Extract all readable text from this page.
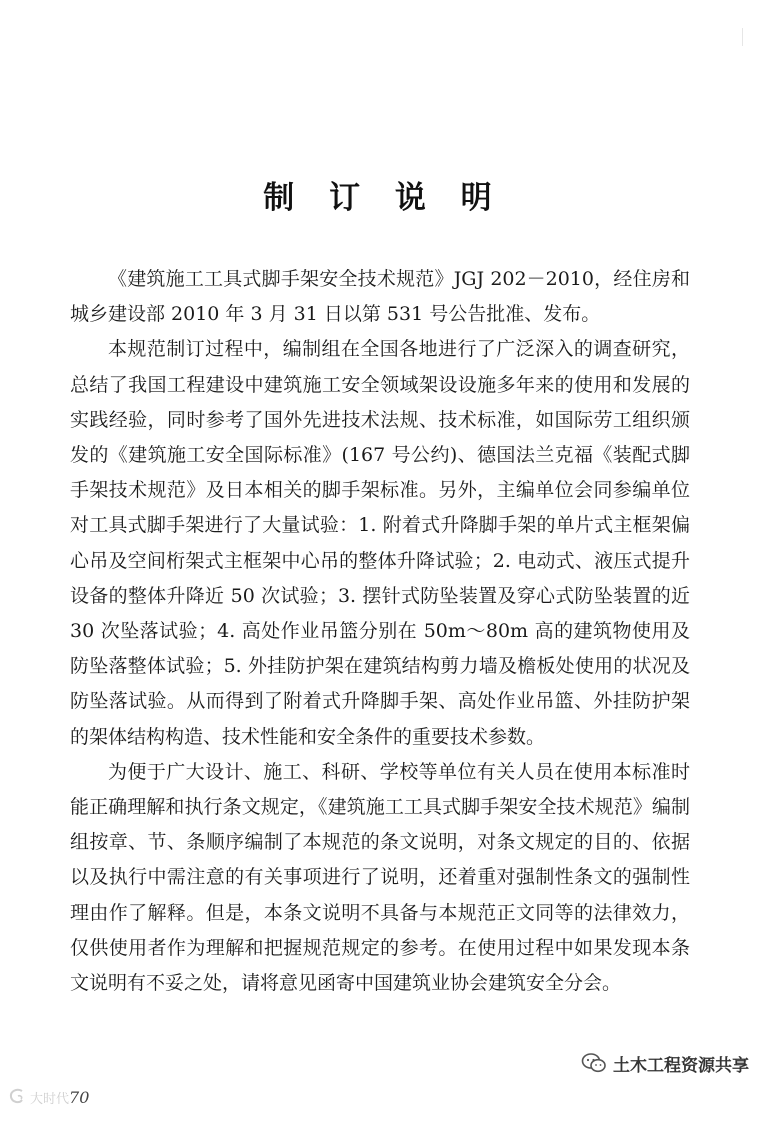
制 订 说 明

《建筑施工工具式脚手架安全技术规范》JGJ 202－2010，经住房和城乡建设部 2010 年 3 月 31 日以第 531 号公告批准、发布。

本规范制订过程中，编制组在全国各地进行了广泛深入的调查研究，总结了我国工程建设中建筑施工安全领域架设设施多年来的使用和发展的实践经验，同时参考了国外先进技术法规、技术标准，如国际劳工组织颁发的《建筑施工安全国际标准》(167 号公约)、德国法兰克福《装配式脚手架技术规范》及日本相关的脚手架标准。另外，主编单位会同参编单位对工具式脚手架进行了大量试验：1. 附着式升降脚手架的单片式主框架偏心吊及空间桁架式主框架中心吊的整体升降试验；2. 电动式、液压式提升设备的整体升降近 50 次试验；3. 摆针式防坠装置及穿心式防坠装置的近 30 次坠落试验；4. 高处作业吊篮分别在 50m～80m 高的建筑物使用及防坠落整体试验；5. 外挂防护架在建筑结构剪力墙及檐板处使用的状况及防坠落试验。从而得到了附着式升降脚手架、高处作业吊篮、外挂防护架的架体结构构造、技术性能和安全条件的重要技术参数。

为便于广大设计、施工、科研、学校等单位有关人员在使用本标准时能正确理解和执行条文规定，《建筑施工工具式脚手架安全技术规范》编制组按章、节、条顺序编制了本规范的条文说明，对条文规定的目的、依据以及执行中需注意的有关事项进行了说明，还着重对强制性条文的强制性理由作了解释。但是，本条文说明不具备与本规范正文同等的法律效力，仅供使用者作为理解和把握规范规定的参考。在使用过程中如果发现本条文说明有不妥之处，请将意见函寄中国建筑业协会建筑安全分会。

大时代 70
土木工程资源共享
